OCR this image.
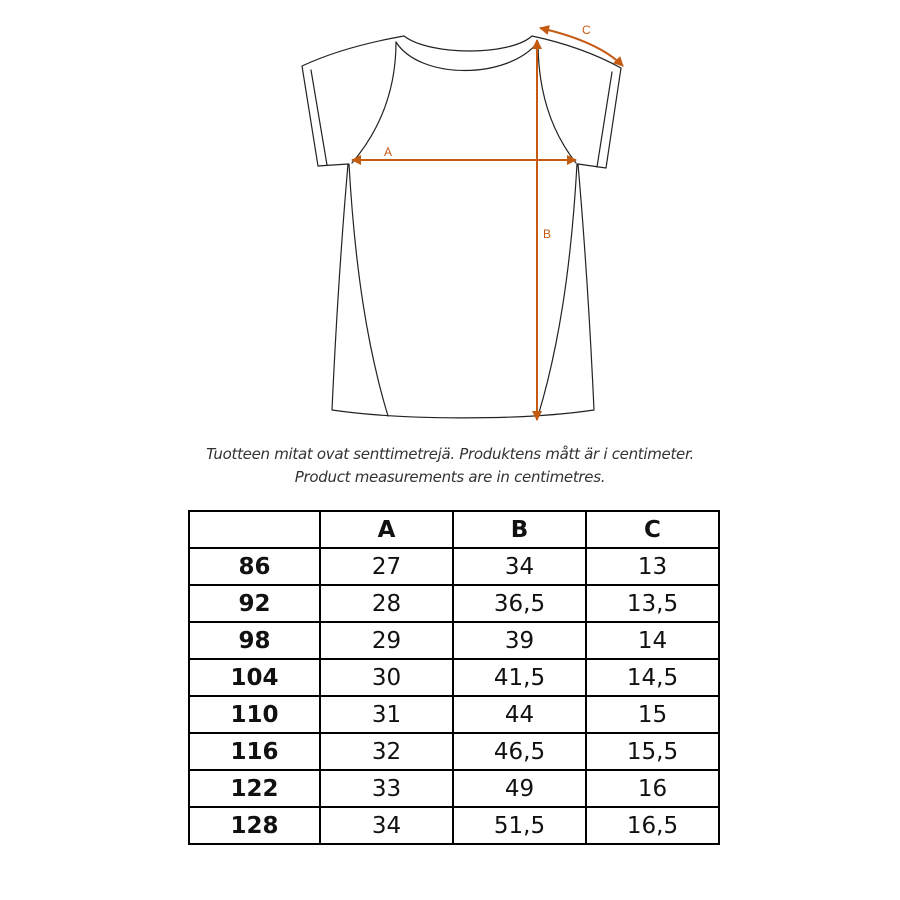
A
B
C
Tuotteen mitat ovat senttimetrejä. Produktens mått är i centimeter.
Product measurements are in centimetres.
	A	B	C
86	27	34	13
92	28	36,5	13,5
98	29	39	14
104	30	41,5	14,5
110	31	44	15
116	32	46,5	15,5
122	33	49	16
128	34	51,5	16,5
